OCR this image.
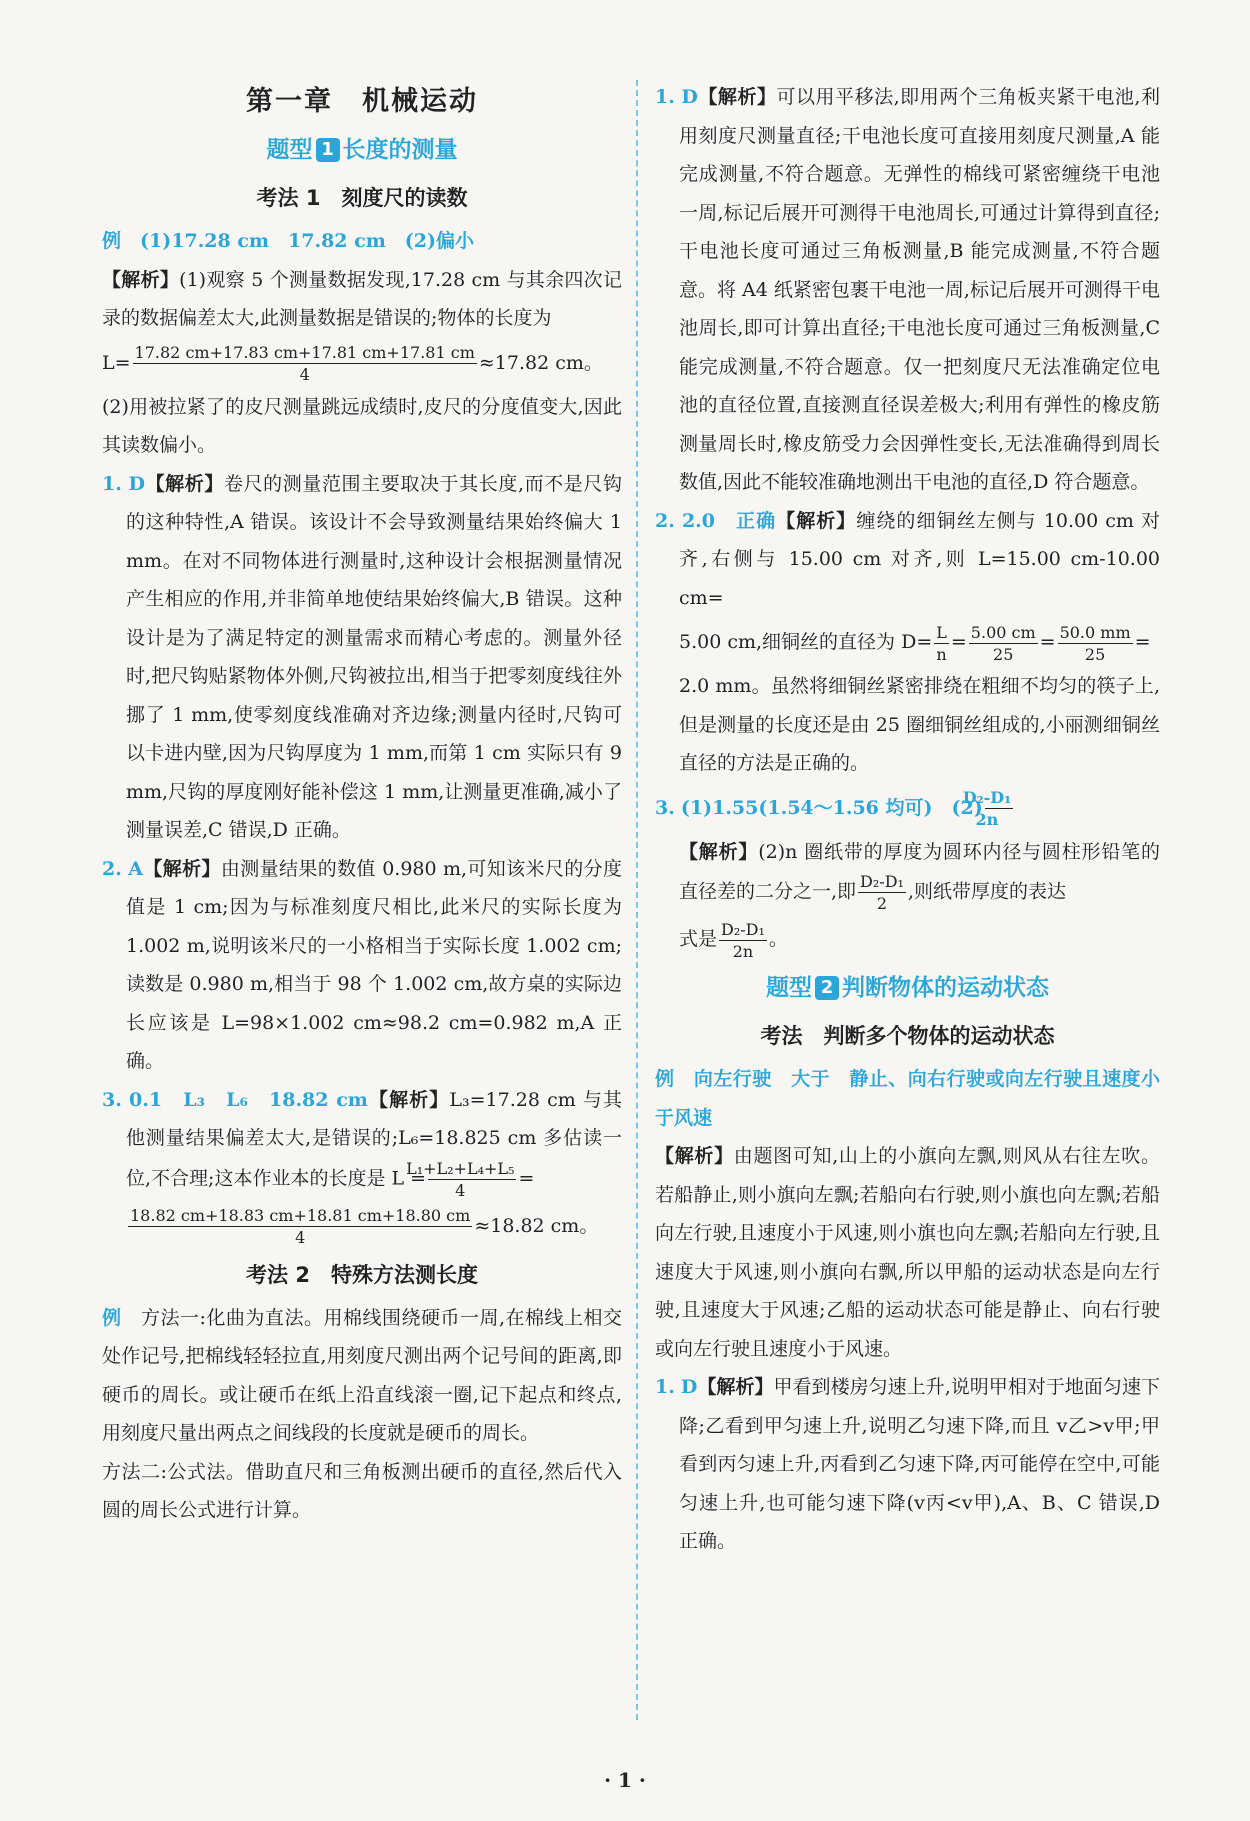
第一章　机械运动

题型 1 长度的测量

考法 1　刻度尺的读数

例　 (1)17.28 cm　17.82 cm　(2)偏小

【解析】(1)观察 5 个测量数据发现,17.28 cm 与其余四次记录的数据偏差太大,此测量数据是错误的;物体的长度为

$L= \frac{17.82 cm+17.83 cm+17.81 cm+17.81 cm}{4} \approx 17.82$ cm。

(2)用被拉紧了的皮尺测量跳远成绩时,皮尺的分度值变大,因此其读数偏小。

1. D【解析】卷尺的测量范围主要取决于其长度,而不是尺钩的这种特性,A 错误。该设计不会导致测量结果始终偏大 1 mm。在对不同物体进行测量时,这种设计会根据测量情况产生相应的作用,并非简单地使结果始终偏大,B 错误。这种设计是为了满足特定的测量需求而精心考虑的。测量外径时,把尺钩贴紧物体外侧,尺钩被拉出,相当于把零刻度线往外挪了 1 mm,使零刻度线准确对齐边缘;测量内径时,尺钩可以卡进内壁,因为尺钩厚度为 1 mm,而第 1 cm 实际只有 9 mm,尺钩的厚度刚好能补偿这 1 mm,让测量更准确,减小了测量误差,C 错误,D 正确。

2. A【解析】由测量结果的数值 0.980 m,可知该米尺的分度值是 1 cm;因为与标准刻度尺相比,此米尺的实际长度为 1.002 m,说明该米尺的一小格相当于实际长度 1.002 cm;读数是 0.980 m,相当于 98 个 1.002 cm,故方桌的实际边长应该是 L=98×1.002 cm≈98.2 cm=0.982 m,A 正确。

3. 0.1　L₃　L₆　18.82 cm【解析】L₃=17.28 cm 与其他测量结果偏差太大,是错误的;L₆=18.825 cm 多估读一位,不合理;这本作业本的长度是 $L = \frac{\text{L₁+L₂+L₄+L₅}}{4}$ =

$\frac{18.82 cm+18.83 cm+18.81 cm+18.80 cm}{4} \approx 18.82$ cm。

考法 2　特殊方法测长度

例　 方法一:化曲为直法。用棉线围绕硬币一周,在棉线上相交处作记号,把棉线轻轻拉直,用刻度尺测出两个记号间的距离,即硬币的周长。或让硬币在纸上沿直线滚一圈,记下起点和终点,用刻度尺量出两点之间线段的长度就是硬币的周长。

方法二:公式法。借助直尺和三角板测出硬币的直径,然后代入圆的周长公式进行计算。

1. D【解析】可以用平移法,即用两个三角板夹紧干电池,利用刻度尺测量直径;干电池长度可直接用刻度尺测量,A 能完成测量,不符合题意。无弹性的棉线可紧密缠绕干电池一周,标记后展开可测得干电池周长,可通过计算得到直径;干电池长度可通过三角板测量,B 能完成测量,不符合题意。将 A4 纸紧密包裹干电池一周,标记后展开可测得干电池周长,即可计算出直径;干电池长度可通过三角板测量,C 能完成测量,不符合题意。仅一把刻度尺无法准确定位电池的直径位置,直接测直径误差极大;利用有弹性的橡皮筋测量周长时,橡皮筋受力会因弹性变长,无法准确得到周长数值,因此不能较准确地测出干电池的直径,D 符合题意。

2. 2.0　正确【解析】缠绕的细铜丝左侧与 10.00 cm 对齐,右侧与 15.00 cm 对齐,则 L=15.00 cm-10.00 cm=

5.00 cm,细铜丝的直径为 $D= \frac{L}{n} = \frac{5.00 cm}{25} = \frac{50.0 mm}{25}$ =

2.0 mm。虽然将细铜丝紧密排绕在粗细不均匀的筷子上,但是测量的长度还是由 25 圈细铜丝组成的,小丽测细铜丝直径的方法是正确的。

3. (1)1.55(1.54～1.56 均可)　$(2) \frac{\text{D₂-D₁}}{2n}$

【解析】(2)n 圈纸带的厚度为圆环内径与圆柱形铅笔的直径差的二分之一,即 $\frac{\text{D₂-D₁}}{2}$ ,则纸带厚度的表达

式是 $\frac{\text{D₂-D₁}}{2n}$ 。

题型 2 判断物体的运动状态

考法　判断多个物体的运动状态

例　 向左行驶　大于　静止、向右行驶或向左行驶且速度小于风速

【解析】由题图可知,山上的小旗向左飘,则风从右往左吹。若船静止,则小旗向左飘;若船向右行驶,则小旗也向左飘;若船向左行驶,且速度小于风速,则小旗也向左飘;若船向左行驶,且速度大于风速,则小旗向右飘,所以甲船的运动状态是向左行驶,且速度大于风速;乙船的运动状态可能是静止、向右行驶或向左行驶且速度小于风速。

1. D【解析】甲看到楼房匀速上升,说明甲相对于地面匀速下降;乙看到甲匀速上升,说明乙匀速下降,而且 v乙>v甲;甲看到丙匀速上升,丙看到乙匀速下降,丙可能停在空中,可能匀速上升,也可能匀速下降(v丙<v甲),A、B、C 错误,D 正确。

· 1 ·
